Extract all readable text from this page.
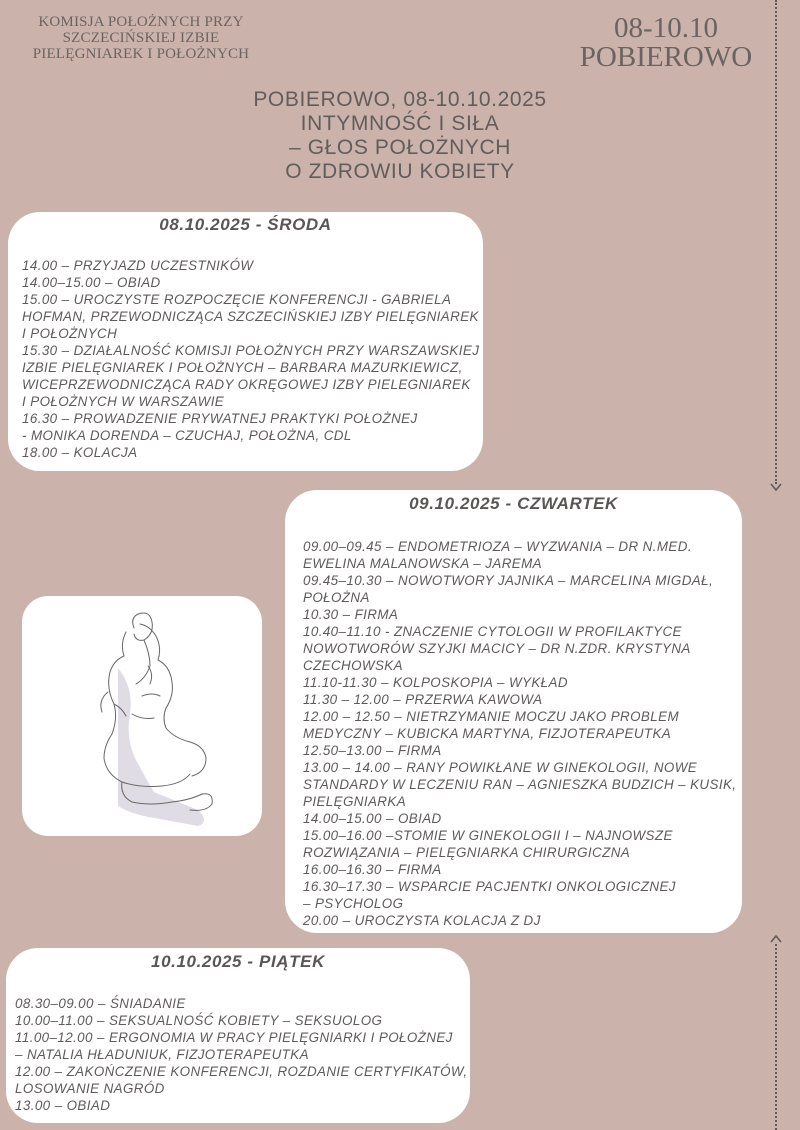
KOMISJA POŁOŻNYCH PRZY
SZCZECIŃSKIEJ IZBIE
PIELĘGNIAREK I POŁOŻNYCH
08-10.10
POBIEROWO
POBIEROWO, 08-10.10.2025
INTYMNOŚĆ I SIŁA
– GŁOS POŁOŻNYCH
O ZDROWIU KOBIETY
08.10.2025 - ŚRODA
14.00 – PRZYJAZD UCZESTNIKÓW
14.00–15.00 – OBIAD
15.00 – UROCZYSTE ROZPOCZĘCIE KONFERENCJI - GABRIELA
HOFMAN, PRZEWODNICZĄCA SZCZECIŃSKIEJ IZBY PIELĘGNIAREK
I POŁOŻNYCH
15.30 – DZIAŁALNOŚĆ KOMISJI POŁOŻNYCH PRZY WARSZAWSKIEJ
IZBIE PIELĘGNIAREK I POŁOŻNYCH – BARBARA MAZURKIEWICZ,
WICEPRZEWODNICZĄCA RADY OKRĘGOWEJ IZBY PIELEGNIAREK
I POŁOŻNYCH W WARSZAWIE
16.30 – PROWADZENIE PRYWATNEJ PRAKTYKI POŁOŻNEJ
- MONIKA DORENDA – CZUCHAJ, POŁOŻNA, CDL
18.00 – KOLACJA
09.10.2025 - CZWARTEK
09.00–09.45 – ENDOMETRIOZA – WYZWANIA – DR N.MED.
EWELINA MALANOWSKA – JAREMA
09.45–10.30 – NOWOTWORY JAJNIKA – MARCELINA MIGDAŁ,
POŁOŻNA
10.30 – FIRMA
10.40–11.10 - ZNACZENIE CYTOLOGII W PROFILAKTYCE
NOWOTWORÓW SZYJKI MACICY – DR N.ZDR. KRYSTYNA
CZECHOWSKA
11.10-11.30 – KOLPOSKOPIA – WYKŁAD
11.30 – 12.00 – PRZERWA KAWOWA
12.00 – 12.50 – NIETRZYMANIE MOCZU JAKO PROBLEM
MEDYCZNY – KUBICKA MARTYNA, FIZJOTERAPEUTKA
12.50–13.00 – FIRMA
13.00 – 14.00 – RANY POWIKŁANE W GINEKOLOGII, NOWE
STANDARDY W LECZENIU RAN – AGNIESZKA BUDZICH – KUSIK,
PIELĘGNIARKA
14.00–15.00 – OBIAD
15.00–16.00 –STOMIE W GINEKOLOGII I – NAJNOWSZE
ROZWIĄZANIA – PIELĘGNIARKA CHIRURGICZNA
16.00–16.30 – FIRMA
16.30–17.30 – WSPARCIE PACJENTKI ONKOLOGICZNEJ
– PSYCHOLOG
20.00 – UROCZYSTA KOLACJA Z DJ
10.10.2025 - PIĄTEK
08.30–09.00 – ŚNIADANIE
10.00–11.00 – SEKSUALNOŚĆ KOBIETY – SEKSUOLOG
11.00–12.00 – ERGONOMIA W PRACY PIELĘGNIARKI I POŁOŻNEJ
– NATALIA HŁADUNIUK, FIZJOTERAPEUTKA
12.00 – ZAKOŃCZENIE KONFERENCJI, ROZDANIE CERTYFIKATÓW,
LOSOWANIE NAGRÓD
13.00 – OBIAD
